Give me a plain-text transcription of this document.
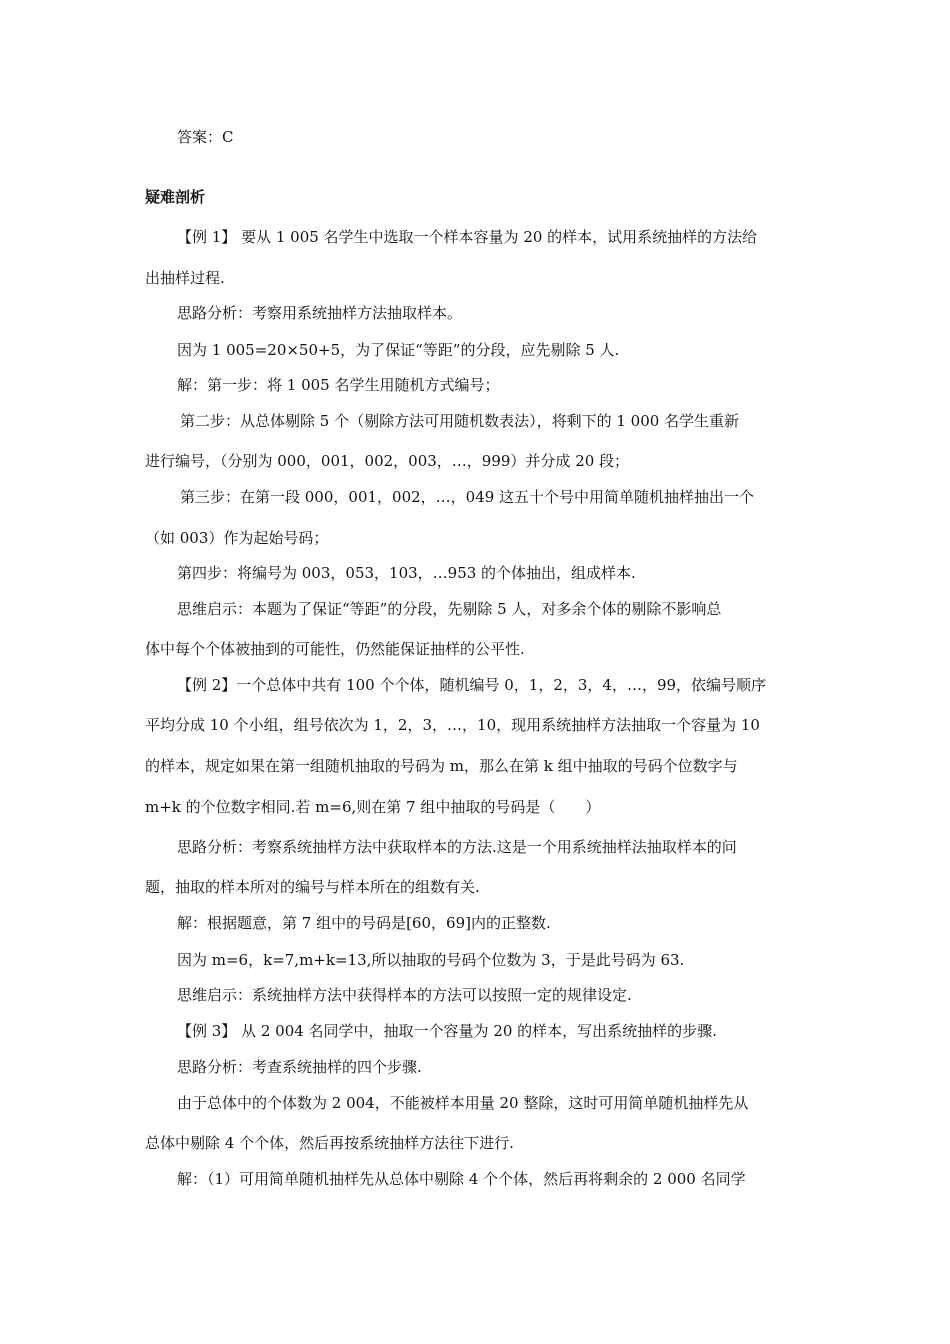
答案：C
疑难剖析
【例 1】 要从 1 005 名学生中选取一个样本容量为 20 的样本，试用系统抽样的方法给
出抽样过程.
思路分析：考察用系统抽样方法抽取样本。
因为 1 005=20×50+5，为了保证“等距”的分段，应先剔除 5 人.
解：第一步：将 1 005 名学生用随机方式编号；
第二步：从总体剔除 5 个（剔除方法可用随机数表法），将剩下的 1 000 名学生重新
进行编号，（分别为 000，001，002，003，…，999）并分成 20 段；
第三步：在第一段 000，001，002，…，049 这五十个号中用简单随机抽样抽出一个
（如 003）作为起始号码；
第四步：将编号为 003，053，103，…953 的个体抽出，组成样本.
思维启示：本题为了保证“等距”的分段，先剔除 5 人，对多余个体的剔除不影响总
体中每个个体被抽到的可能性，仍然能保证抽样的公平性.
【例 2】一个总体中共有 100 个个体，随机编号 0，1，2，3，4，…，99，依编号顺序
平均分成 10 个小组，组号依次为 1，2，3，…，10，现用系统抽样方法抽取一个容量为 10
的样本，规定如果在第一组随机抽取的号码为 m，那么在第 k 组中抽取的号码个位数字与
m+k 的个位数字相同.若 m=6,则在第 7 组中抽取的号码是（　　）
思路分析：考察系统抽样方法中获取样本的方法.这是一个用系统抽样法抽取样本的问
题，抽取的样本所对的编号与样本所在的组数有关.
解：根据题意，第 7 组中的号码是[60，69]内的正整数.
因为 m=6，k=7,m+k=13,所以抽取的号码个位数为 3，于是此号码为 63.
思维启示：系统抽样方法中获得样本的方法可以按照一定的规律设定.
【例 3】 从 2 004 名同学中，抽取一个容量为 20 的样本，写出系统抽样的步骤.
思路分析：考查系统抽样的四个步骤.
由于总体中的个体数为 2 004，不能被样本用量 20 整除，这时可用简单随机抽样先从
总体中剔除 4 个个体，然后再按系统抽样方法往下进行.
解：（1）可用简单随机抽样先从总体中剔除 4 个个体，然后再将剩余的 2 000 名同学
